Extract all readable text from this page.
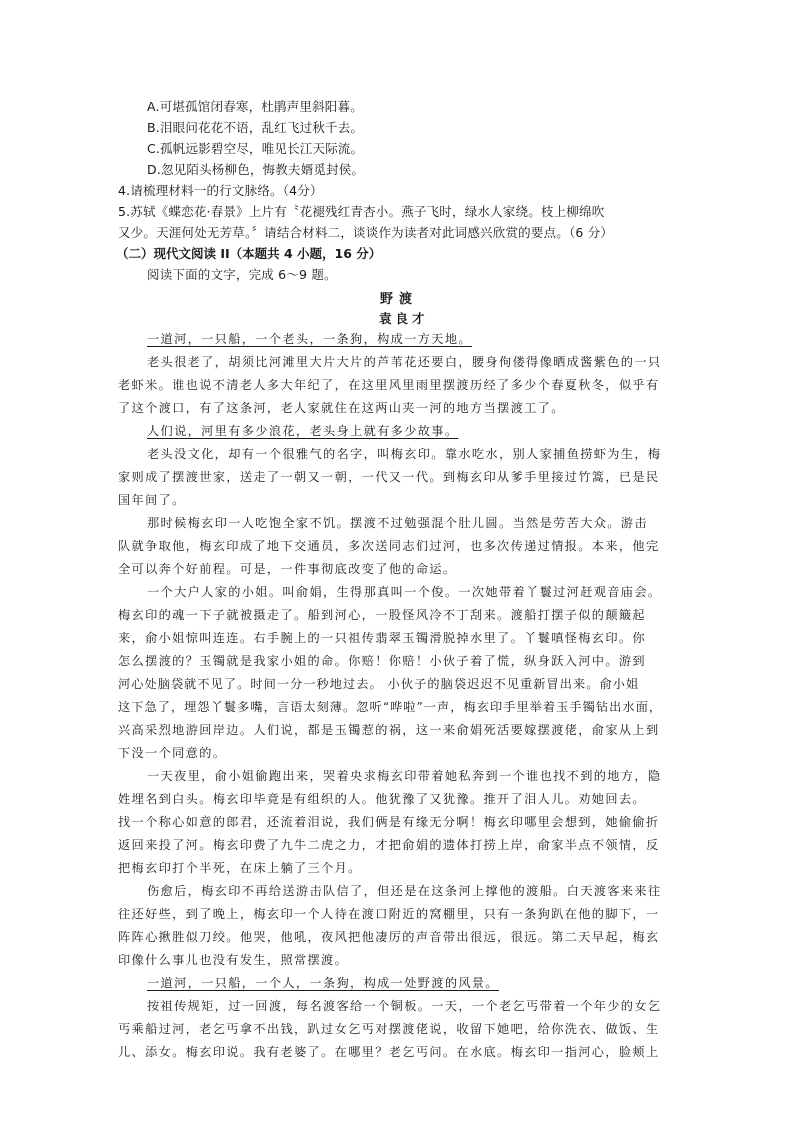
A.可堪孤馆闭春寒，杜鹃声里斜阳暮。
B.泪眼问花花不语，乱红飞过秋千去。
C.孤帆远影碧空尽，唯见长江天际流。
D.忽见陌头杨柳色，悔教夫婿觅封侯。
4.请梳理材料一的行文脉络。（4分）
5.苏轼《蝶恋花·春景》上片有〝花褪残红青杏小。燕子飞时，绿水人家绕。枝上柳绵吹
又少。天涯何处无芳草。〞请结合材料二，谈谈作为读者对此词感兴欣赏的要点。（6 分）
（二）现代文阅读 II（本题共 4 小题，16 分）
阅读下面的文字，完成 6～9 题。
野渡
袁良才
一道河，一只船，一个老头，一条狗，构成一方天地。
老头很老了，胡须比河滩里大片大片的芦苇花还要白，腰身佝偻得像晒成酱紫色的一只
老虾米。谁也说不清老人多大年纪了，在这里风里雨里摆渡历经了多少个春夏秋冬，似乎有
了这个渡口，有了这条河，老人家就住在这两山夹一河的地方当摆渡工了。
人们说，河里有多少浪花，老头身上就有多少故事。
老头没文化，却有一个很雅气的名字，叫梅玄印。靠水吃水，别人家捕鱼捞虾为生，梅
家则成了摆渡世家，送走了一朝又一朝，一代又一代。到梅玄印从爹手里接过竹篙，已是民
国年间了。
那时候梅玄印一人吃饱全家不饥。摆渡不过勉强混个肚儿圆。当然是劳苦大众。游击
队就争取他，梅玄印成了地下交通员，多次送同志们过河，也多次传递过情报。本来，他完
全可以奔个好前程。可是，一件事彻底改变了他的命运。
一个大户人家的小姐。叫俞娟，生得那真叫一个俊。一次她带着丫鬟过河赶观音庙会。
梅玄印的魂一下子就被摄走了。船到河心，一股怪风冷不丁刮来。渡船打摆子似的颠簸起
来，俞小姐惊叫连连。右手腕上的一只祖传翡翠玉镯滑脱掉水里了。丫鬟嗔怪梅玄印。你
怎么摆渡的？玉镯就是我家小姐的命。你赔！你赔！小伙子着了慌，纵身跃入河中。游到
河心处脑袋就不见了。时间一分一秒地过去。 小伙子的脑袋迟迟不见重新冒出来。俞小姐
这下急了，埋怨丫鬟多嘴，言语太刻薄。忽听“哗啦”一声，梅玄印手里举着玉手镯钻出水面，
兴高采烈地游回岸边。人们说，都是玉镯惹的祸，这一来俞娟死活要嫁摆渡佬，俞家从上到
下没一个同意的。
一天夜里，俞小姐偷跑出来，哭着央求梅玄印带着她私奔到一个谁也找不到的地方，隐
姓埋名到白头。梅玄印毕竟是有组织的人。他犹豫了又犹豫。推开了泪人儿。劝她回去。
找一个称心如意的郎君，还流着泪说，我们俩是有缘无分啊！梅玄印哪里会想到，她偷偷折
返回来投了河。梅玄印费了九牛二虎之力，才把俞娟的遗体打捞上岸，俞家半点不领情，反
把梅玄印打个半死，在床上躺了三个月。
伤愈后，梅玄印不再给送游击队信了，但还是在这条河上撑他的渡船。白天渡客来来往
往还好些，到了晚上，梅玄印一个人待在渡口附近的窝棚里，只有一条狗趴在他的脚下，一
阵阵心揪胜似刀绞。他哭，他吼，夜风把他凄厉的声音带出很远，很远。第二天早起，梅玄
印像什么事儿也没有发生，照常摆渡。
一道河，一只船，一个人，一条狗，构成一处野渡的风景。
按祖传规矩，过一回渡，每名渡客给一个铜板。一天，一个老乞丐带着一个年少的女乞
丐乘船过河，老乞丐拿不出钱，趴过女乞丐对摆渡佬说，收留下她吧，给你洗衣、做饭、生
儿、添女。梅玄印说。我有老婆了。在哪里？老乞丐问。在水底。梅玄印一指河心，脸颊上
